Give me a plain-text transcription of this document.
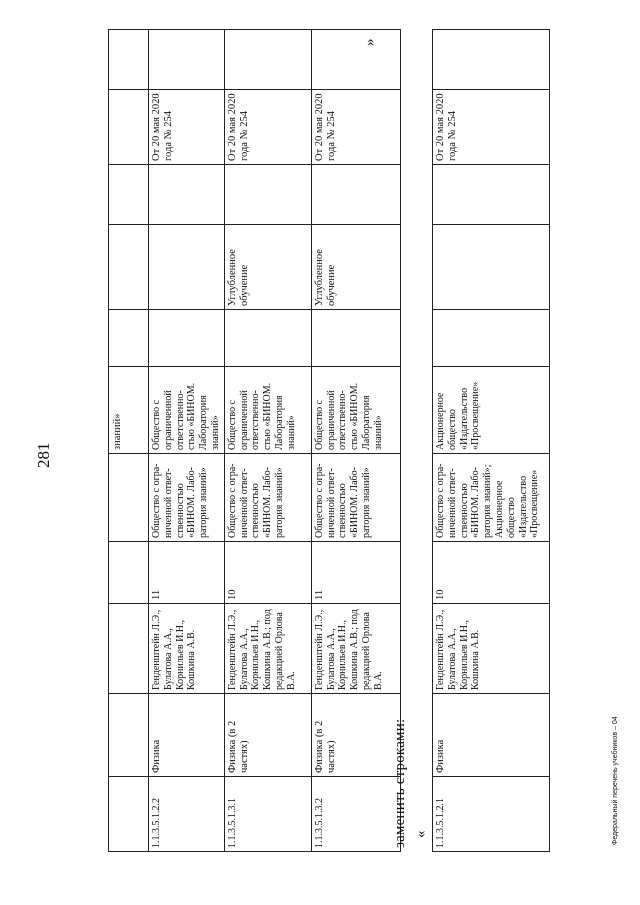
281
					знаний»					
1.1.3.5.1.2.2	Физика	Генденштейн Л.Э., Булатова А.А., Корнильев И.Н., Кошкина А.В.	11	Общество с огра-ниченной ответ-ственностью «БИНОМ. Лабо-ратория знаний»	Общество с ограниченной ответственно-стью «БИНОМ. Лаборатория знаний»				От 20 мая 2020 года № 254	
1.1.3.5.1.3.1	Физика (в 2 частях)	Генденштейн Л.Э., Булатова А.А., Корнильев И.Н., Кошкина А.В.; под редакцией Орлова В.А.	10	Общество с огра-ниченной ответ-ственностью «БИНОМ. Лабо-ратория знаний»	Общество с ограниченной ответственно-стью «БИНОМ. Лаборатория знаний»		Углубленное обучение		От 20 мая 2020 года № 254	
1.1.3.5.1.3.2	Физика (в 2 частях)	Генденштейн Л.Э., Булатова А.А., Корнильев И.Н., Кошкина А.В.; под редакцией Орлова В.А.	11	Общество с огра-ниченной ответ-ственностью «БИНОМ. Лабо-ратория знаний»	Общество с ограниченной ответственно-стью «БИНОМ. Лаборатория знаний»		Углубленное обучение		От 20 мая 2020 года № 254	
»
заменить строками: « 1.1.3.5.1.2.1	Физика	Генденштейн Л.Э., Булатова А.А., Корнильев И.Н., Кошкина А.В.	10	Общество с огра-ниченной ответ-ственностью «БИНОМ. Лабо-ратория знаний»; Акционерное общество «Издательство «Просвещение»	Акционерное общество «Издательство «Просвещение»				От 20 мая 2020 года № 254	
Федеральный перечень учебников – 04
